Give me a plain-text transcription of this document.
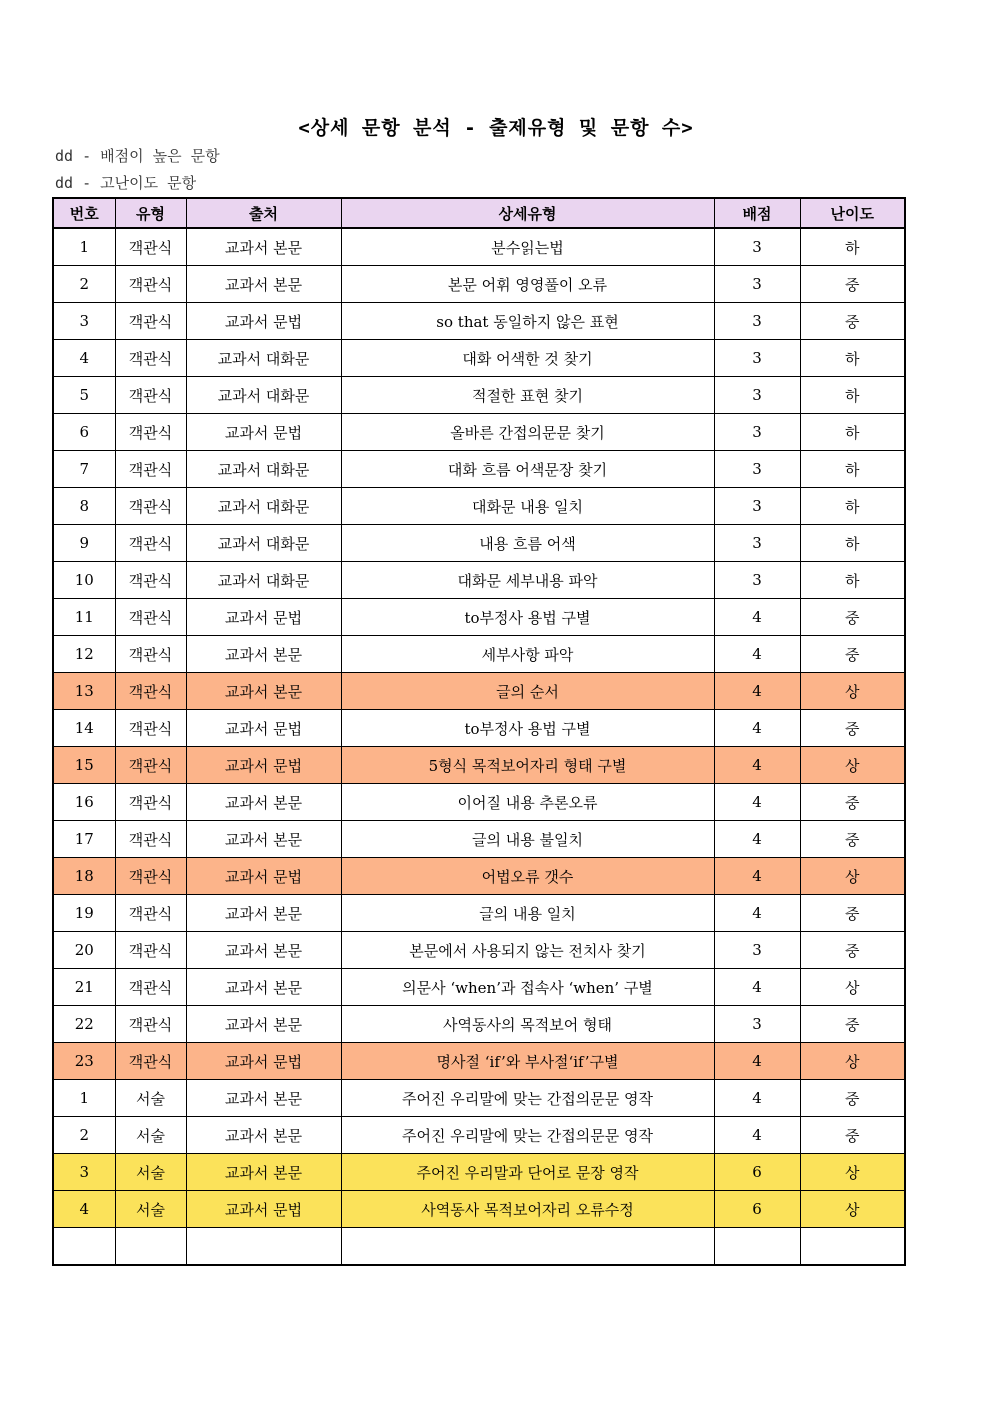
<상세 문항 분석 - 출제유형 및 문항 수>
dd - 배점이 높은 문항
dd - 고난이도 문항
번호	유형	출처	상세유형	배점	난이도
1	객관식	교과서 본문	분수읽는법	3	하
2	객관식	교과서 본문	본문 어휘 영영풀이 오류	3	중
3	객관식	교과서 문법	so that 동일하지 않은 표현	3	중
4	객관식	교과서 대화문	대화 어색한 것 찾기	3	하
5	객관식	교과서 대화문	적절한 표현 찾기	3	하
6	객관식	교과서 문법	올바른 간접의문문 찾기	3	하
7	객관식	교과서 대화문	대화 흐름 어색문장 찾기	3	하
8	객관식	교과서 대화문	대화문 내용 일치	3	하
9	객관식	교과서 대화문	내용 흐름 어색	3	하
10	객관식	교과서 대화문	대화문 세부내용 파악	3	하
11	객관식	교과서 문법	to부정사 용법 구별	4	중
12	객관식	교과서 본문	세부사항 파악	4	중
13	객관식	교과서 본문	글의 순서	4	상
14	객관식	교과서 문법	to부정사 용법 구별	4	중
15	객관식	교과서 문법	5형식 목적보어자리 형태 구별	4	상
16	객관식	교과서 본문	이어질 내용 추론오류	4	중
17	객관식	교과서 본문	글의 내용 불일치	4	중
18	객관식	교과서 문법	어법오류 갯수	4	상
19	객관식	교과서 본문	글의 내용 일치	4	중
20	객관식	교과서 본문	본문에서 사용되지 않는 전치사 찾기	3	중
21	객관식	교과서 본문	의문사 ‘when’과 접속사 ‘when’ 구별	4	상
22	객관식	교과서 본문	사역동사의 목적보어 형태	3	중
23	객관식	교과서 문법	명사절 ‘if’와 부사절‘if’구별	4	상
1	서술	교과서 본문	주어진 우리말에 맞는 간접의문문 영작	4	중
2	서술	교과서 본문	주어진 우리말에 맞는 간접의문문 영작	4	중
3	서술	교과서 본문	주어진 우리말과 단어로 문장 영작	6	상
4	서술	교과서 문법	사역동사 목적보어자리 오류수정	6	상
